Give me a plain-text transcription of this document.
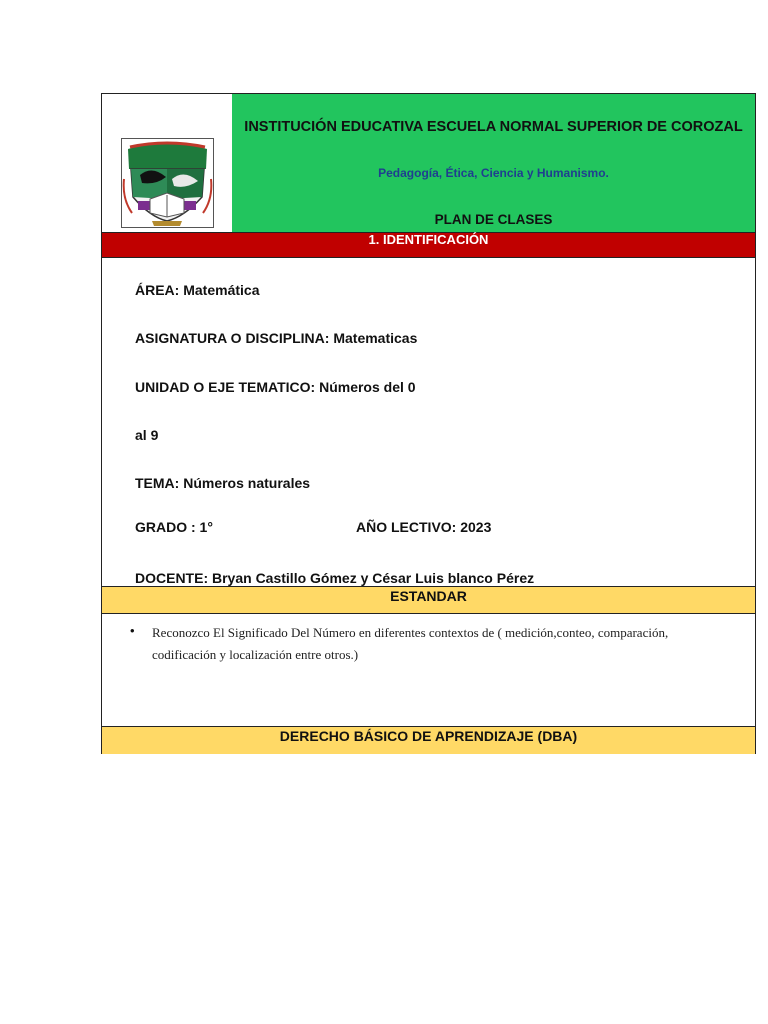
INSTITUCIÓN EDUCATIVA ESCUELA NORMAL SUPERIOR DE COROZAL
Pedagogía, Ética, Ciencia y Humanismo.
PLAN DE CLASES
1. IDENTIFICACIÓN
ÁREA: Matemática
ASIGNATURA O DISCIPLINA: Matematicas
UNIDAD O EJE TEMATICO: Números del 0
al 9
TEMA: Números naturales
GRADO : 1°	AÑO LECTIVO: 2023
DOCENTE: Bryan Castillo Gómez y César Luis blanco Pérez
ESTANDAR
• Reconozco El Significado Del Número en diferentes contextos de ( medición,conteo, comparación, codificación y localización entre otros.)
DERECHO BÁSICO DE APRENDIZAJE (DBA)
